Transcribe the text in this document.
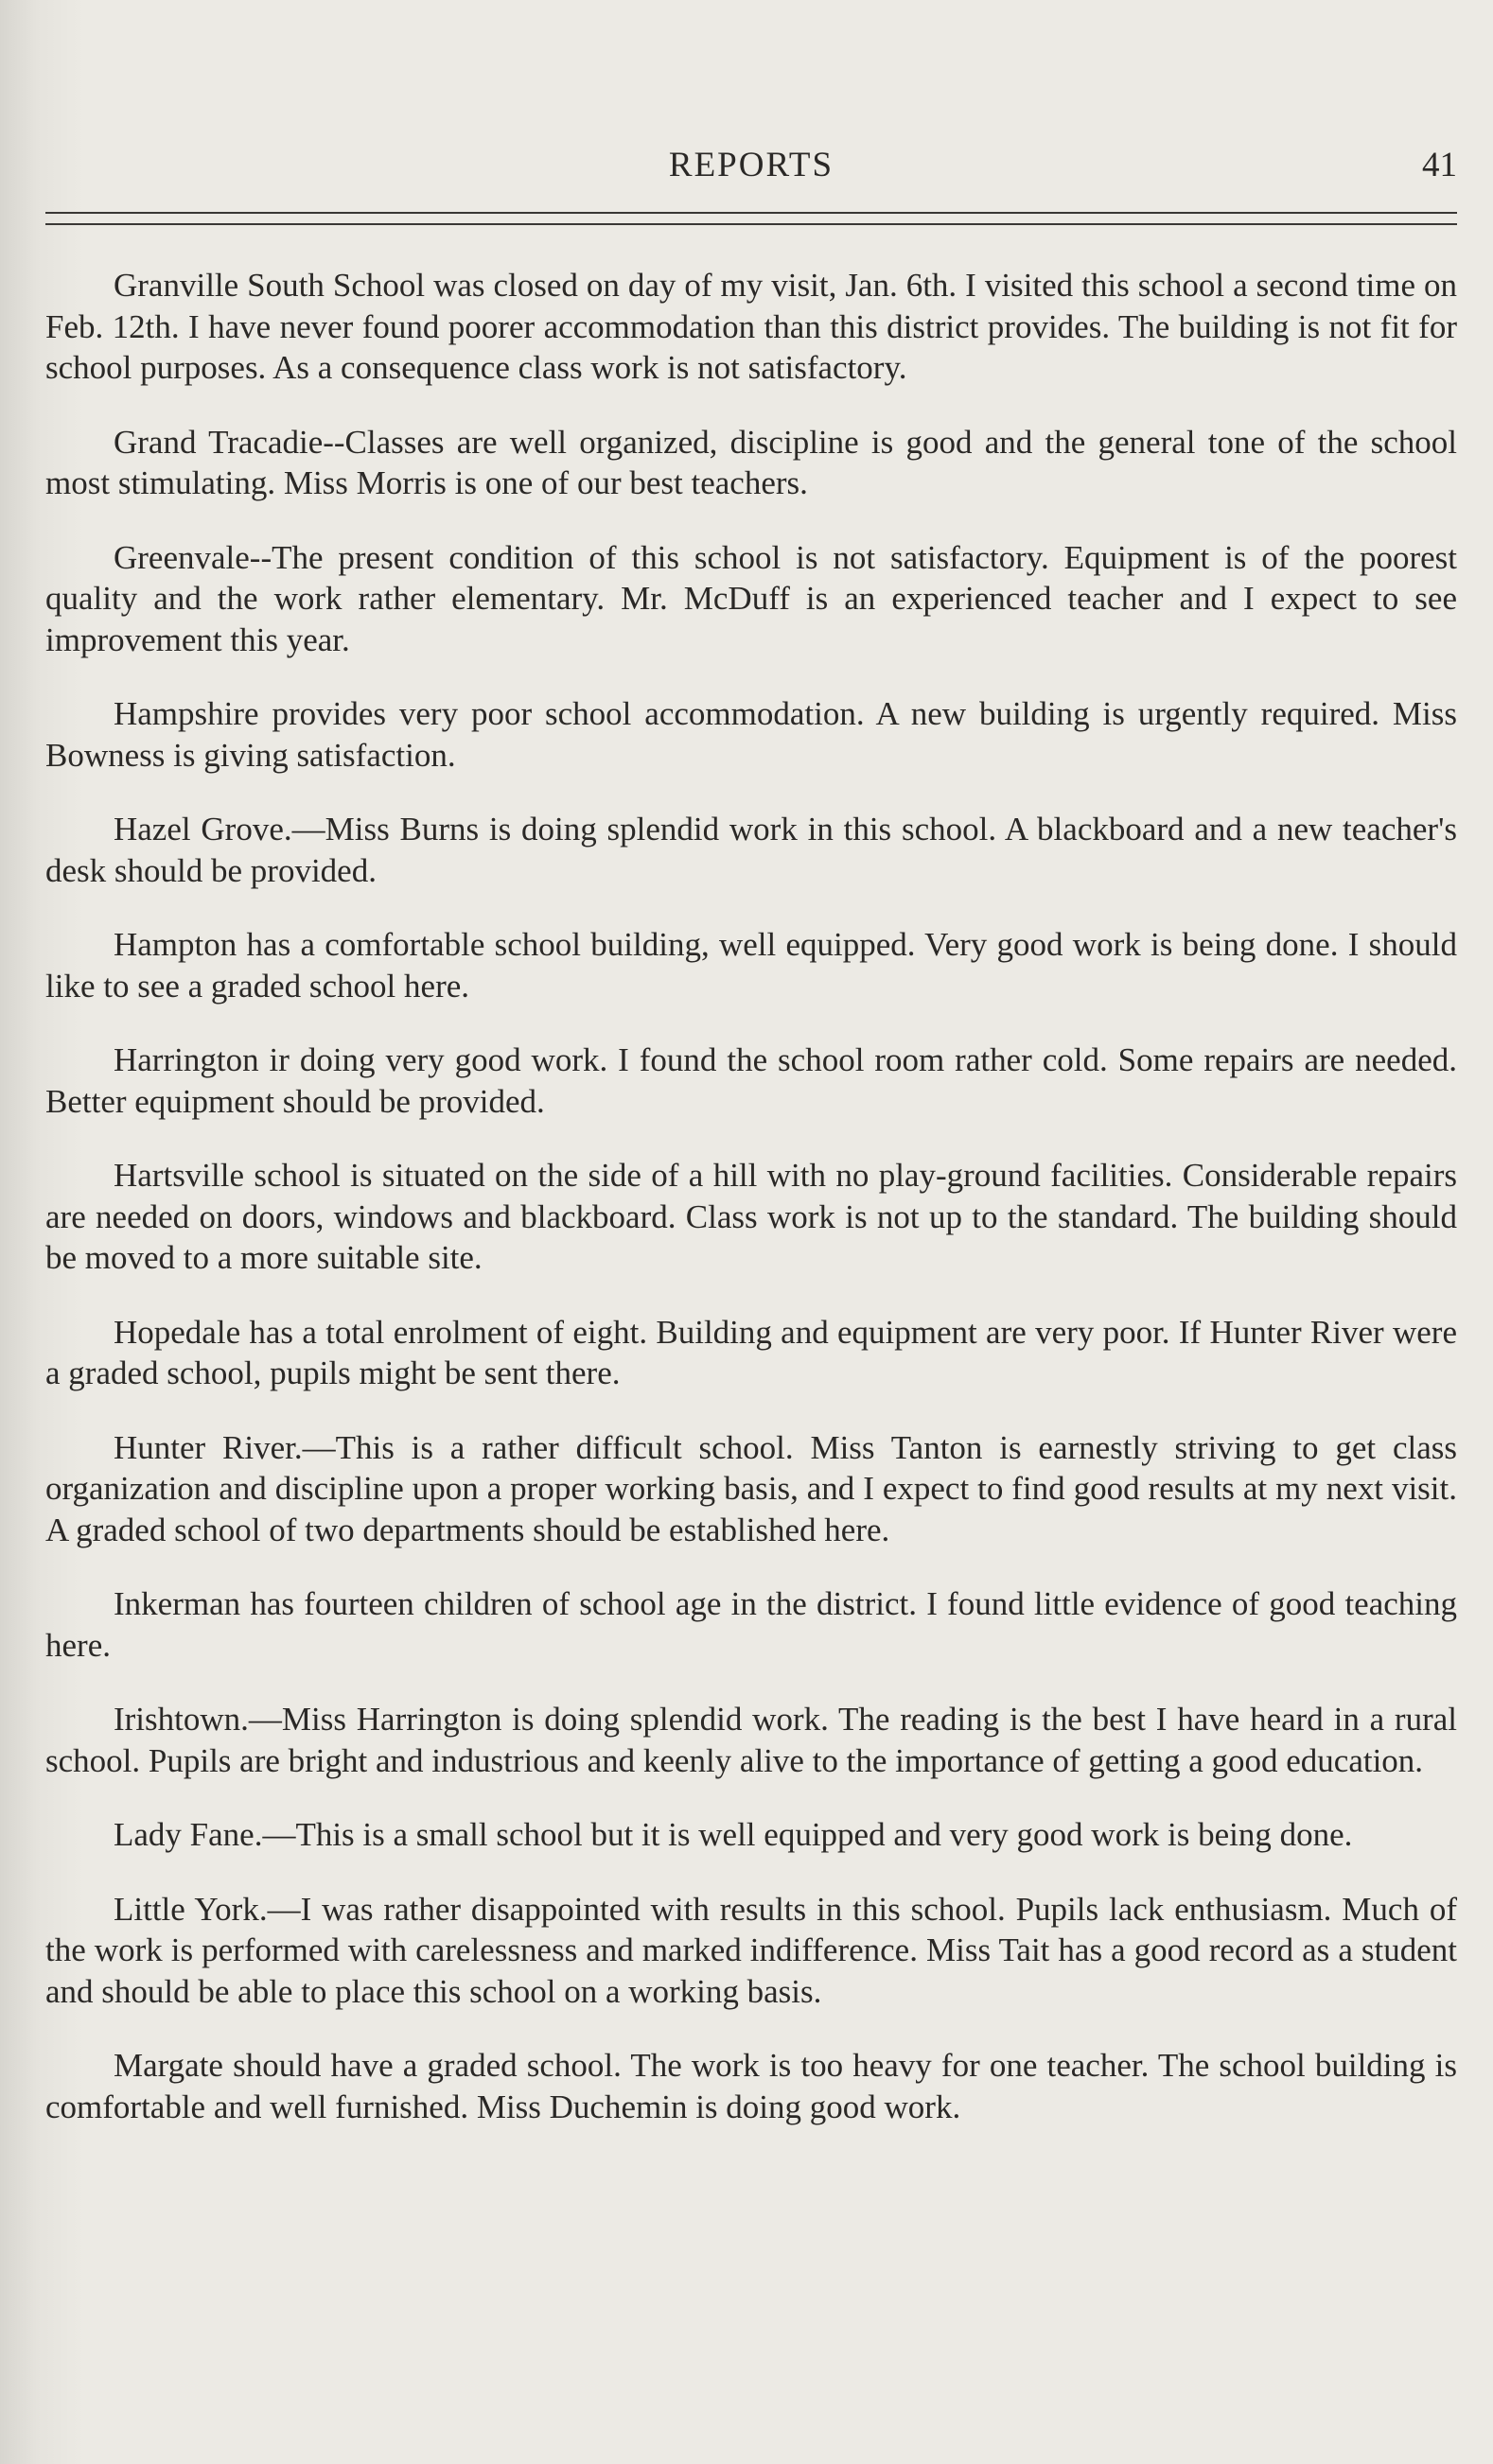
REPORTS	41

Granville South School was closed on day of my visit, Jan. 6th. I visited this school a second time on Feb. 12th. I have never found poorer accommodation than this district provides. The building is not fit for school purposes. As a consequence class work is not satisfactory.

Grand Tracadie--Classes are well organized, discipline is good and the general tone of the school most stimulating. Miss Morris is one of our best teachers.

Greenvale--The present condition of this school is not satisfactory. Equipment is of the poorest quality and the work rather elementary. Mr. McDuff is an experienced teacher and I expect to see improvement this year.

Hampshire provides very poor school accommodation. A new building is urgently required. Miss Bowness is giving satisfaction.

Hazel Grove.—Miss Burns is doing splendid work in this school. A blackboard and a new teacher's desk should be provided.

Hampton has a comfortable school building, well equipped. Very good work is being done. I should like to see a graded school here.

Harrington ir doing very good work. I found the school room rather cold. Some repairs are needed. Better equipment should be provided.

Hartsville school is situated on the side of a hill with no play-ground facilities. Considerable repairs are needed on doors, windows and blackboard. Class work is not up to the standard. The building should be moved to a more suitable site.

Hopedale has a total enrolment of eight. Building and equipment are very poor. If Hunter River were a graded school, pupils might be sent there.

Hunter River.—This is a rather difficult school. Miss Tanton is earnestly striving to get class organization and discipline upon a proper working basis, and I expect to find good results at my next visit. A graded school of two departments should be established here.

Inkerman has fourteen children of school age in the district. I found little evidence of good teaching here.

Irishtown.—Miss Harrington is doing splendid work. The reading is the best I have heard in a rural school. Pupils are bright and industrious and keenly alive to the importance of getting a good education.

Lady Fane.—This is a small school but it is well equipped and very good work is being done.

Little York.—I was rather disappointed with results in this school. Pupils lack enthusiasm. Much of the work is performed with carelessness and marked indifference. Miss Tait has a good record as a student and should be able to place this school on a working basis.

Margate should have a graded school. The work is too heavy for one teacher. The school building is comfortable and well furnished. Miss Duchemin is doing good work.
